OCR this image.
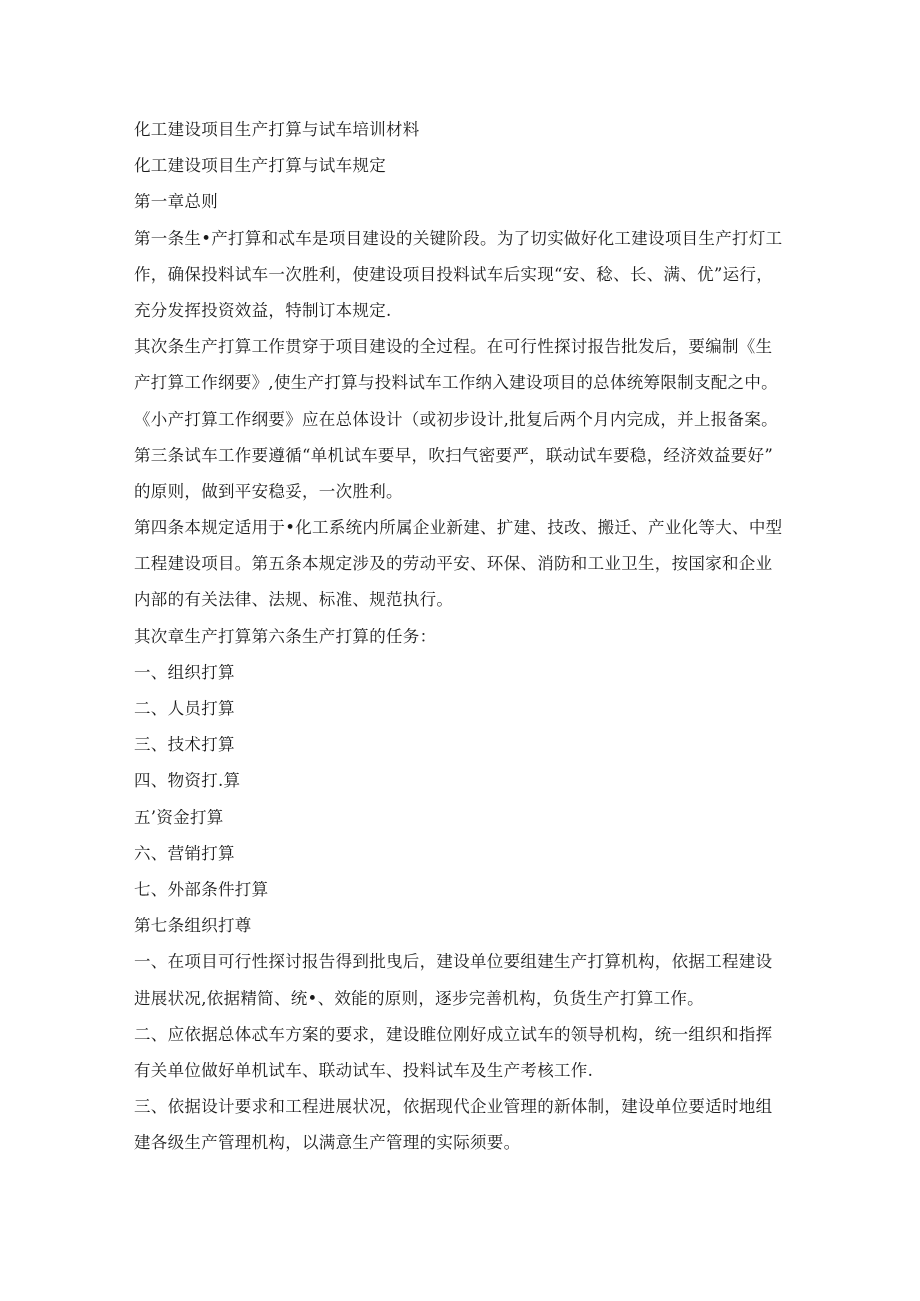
化工建设项目生产打算与试车培训材料
化工建设项目生产打算与试车规定
第一章总则
第一条生•产打算和忒车是项目建设的关键阶段。为了切实做好化工建设项目生产打灯工
作，确保投料试车一次胜利，使建设项目投料试车后实现“安、稔、长、满、优”运行，
充分发挥投资效益，特制订本规定.
其次条生产打算工作贯穿于项目建设的全过程。在可行性探讨报告批发后，要编制《生
产打算工作纲要》,使生产打算与投料试车工作纳入建设项目的总体统筹限制支配之中。
《小产打算工作纲要》应在总体设计（或初步设计,批复后两个月内完成，并上报备案。
第三条试车工作要遵循“单机试车要早，吹扫气密要严，联动试车要稳，经济效益要好”
的原则，做到平安稳妥，一次胜利。
第四条本规定适用于•化工系统内所属企业新建、扩建、技改、搬迁、产业化等大、中型
工程建设项目。第五条本规定涉及的劳动平安、环保、消防和工业卫生，按国家和企业
内部的有关法律、法规、标准、规范执行。
其次章生产打算第六条生产打算的任务：
一、组织打算
二、人员打算
三、技术打算
四、物资打.算
五’资金打算
六、营销打算
七、外部条件打算
第七条组织打尊
一、在项目可行性探讨报告得到批曳后，建设单位要组建生产打算机构，依据工程建设
进展状况,依据精简、统•、效能的原则，逐步完善机构，负货生产打算工作。
二、应依据总体忒车方案的要求，建设睢位刚好成立试车的领导机构，统一组织和指挥
有关单位做好单机试车、联动试车、投料试车及生产考核工作.
三、依据设计要求和工程进展状况，依据现代企业管理的新体制，建设单位要适时地组
建各级生产管理机构，以满意生产管理的实际须要。
